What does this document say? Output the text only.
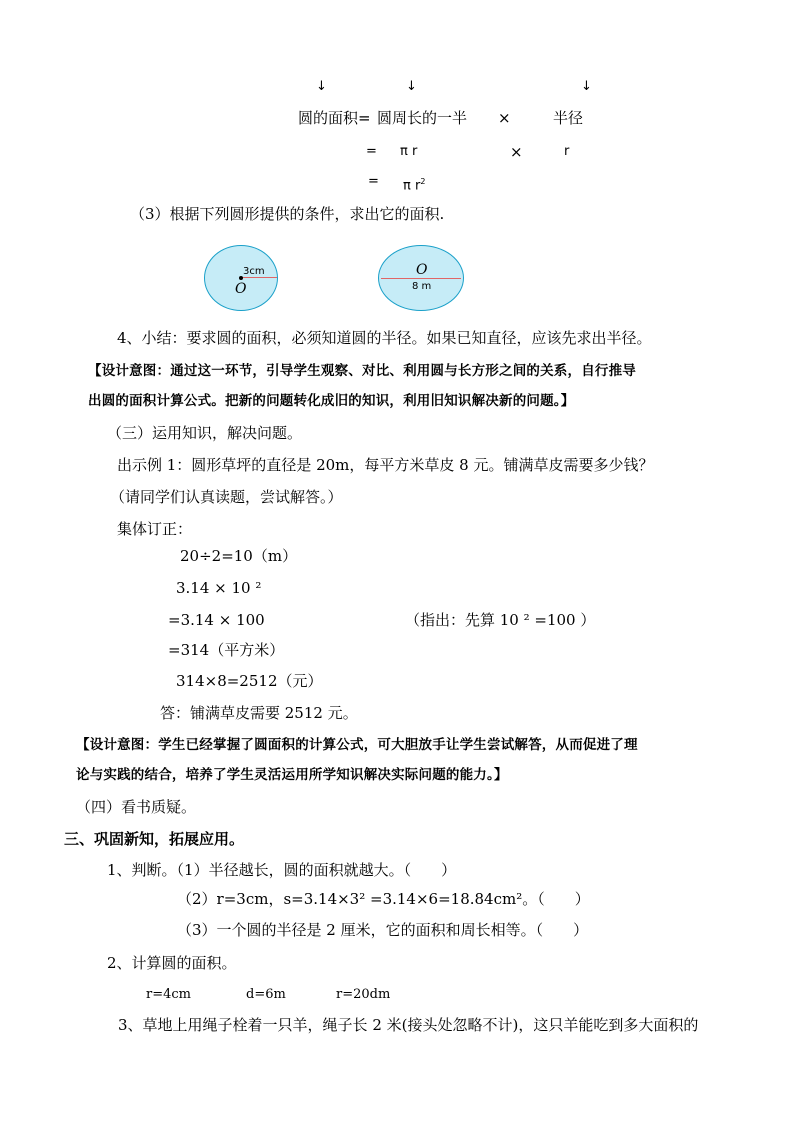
↓	↓	↓
圆的面积= 圆周长的一半 ×	半径
= π r	×	r
= π $r^2$
（3）根据下列圆形提供的条件，求出它的面积.
3cm
O
O
8 m
4、小结：要求圆的面积，必须知道圆的半径。如果已知直径，应该先求出半径。
【设计意图：通过这一环节，引导学生观察、对比、利用圆与长方形之间的关系，自行推导
出圆的面积计算公式。把新的问题转化成旧的知识，利用旧知识解决新的问题。】
（三）运用知识，解决问题。
出示例 1：圆形草坪的直径是 20m，每平方米草皮 8 元。铺满草皮需要多少钱？
（请同学们认真读题，尝试解答。）
集体订正：
20÷2=10（m）
3.14 × 10 ²
=3.14 × 100	（指出：先算 10 ² =100 ）
=314（平方米）
314×8=2512（元）
答：铺满草皮需要 2512 元。
【设计意图：学生已经掌握了圆面积的计算公式，可大胆放手让学生尝试解答，从而促进了理
论与实践的结合，培养了学生灵活运用所学知识解决实际问题的能力。】
（四）看书质疑。
三、巩固新知，拓展应用。
1、判断。（1）半径越长，圆的面积就越大。（　　）
（2）r=3cm，s=3.14×3² =3.14×6=18.84cm²。（　　）
（3）一个圆的半径是 2 厘米，它的面积和周长相等。（　　）
2、计算圆的面积。
r=4cm	d=6m	r=20dm
3、草地上用绳子栓着一只羊，绳子长 2 米(接头处忽略不计)，这只羊能吃到多大面积的
